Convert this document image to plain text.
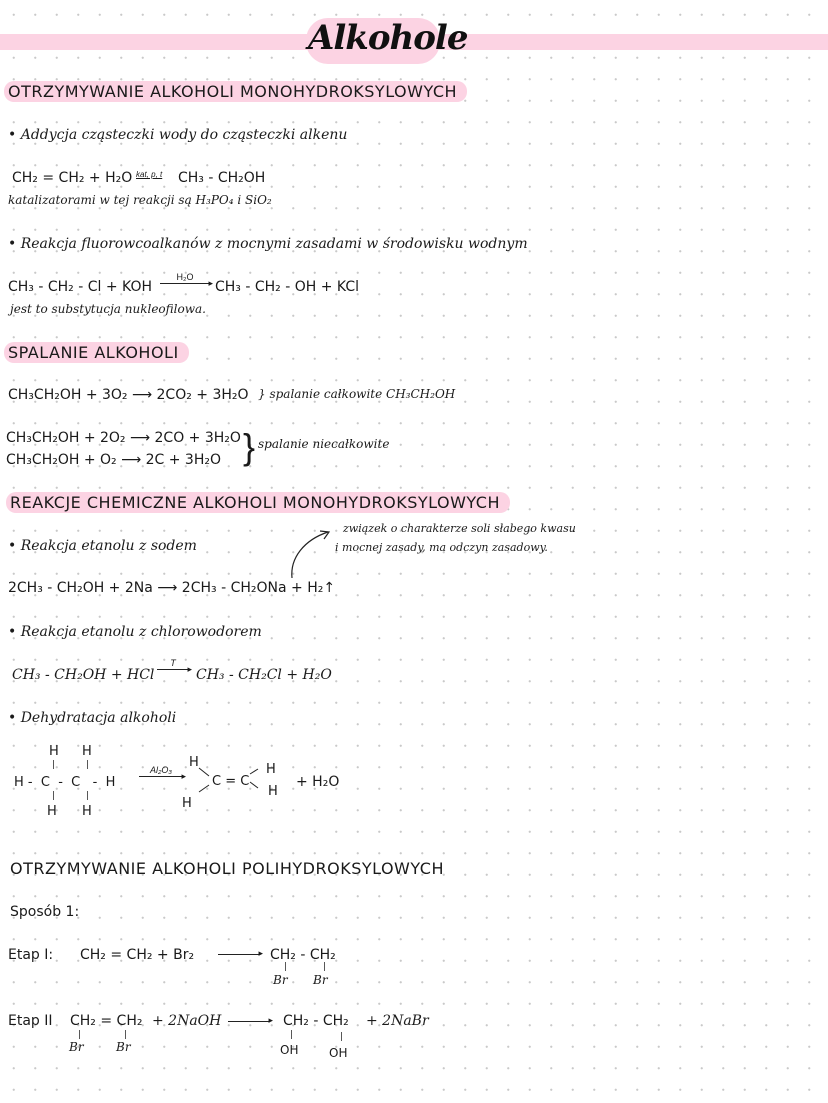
Alkohole
OTRZYMYWANIE ALKOHOLI MONOHYDROKSYLOWYCH
• Addycja cząsteczki wody do cząsteczki alkenu
CH₂ = CH₂ + H₂O kat, p, t	CH₃ - CH₂OH
katalizatorami w tej reakcji są H₃PO₄ i SiO₂
• Reakcja fluorowcoalkanów z mocnymi zasadami w środowisku wodnym
CH₃ - CH₂ - Cl + KOH
H₂O
▸ CH₃ - CH₂ - OH + KCl
jest to substytucja nukleofilowa.
SPALANIE ALKOHOLI
CH₃CH₂OH + 3O₂ ⟶ 2CO₂ + 3H₂O } spalanie całkowite CH₃CH₂OH
CH₃CH₂OH + 2O₂ ⟶ 2CO + 3H₂O
CH₃CH₂OH + O₂ ⟶ 2C + 3H₂O } spalanie niecałkowite
REAKCJE CHEMICZNE ALKOHOLI MONOHYDROKSYLOWYCH
• Reakcja etanolu z sodem
związek o charakterze soli słabego kwasu
i mocnej zasady, ma odczyn zasadowy.
2CH₃ - CH₂OH + 2Na ⟶ 2CH₃ - CH₂ONa + H₂↑
• Reakcja etanolu z chlorowodorem
CH₃ - CH₂OH + HCl
T
▸ CH₃ - CH₂Cl + H₂O
• Dehydratacja alkoholi
H H
|	|
H -  C  -  C   -  H
|	|
H H
Al₂O₃
▸
H
H
C = C
H
H
+ H₂O
OTRZYMYWANIE ALKOHOLI POLIHYDROKSYLOWYCH
Sposób 1:
Etap I: CH₂ = CH₂ + Br₂	▸ CH₂ - CH₂
|	|
Br Br
Etap II CH₂ = CH₂
|	|
Br	Br
+ 2NaOH	▸ CH₂ - CH₂
|	|
OH	OH
+ 2NaBr
